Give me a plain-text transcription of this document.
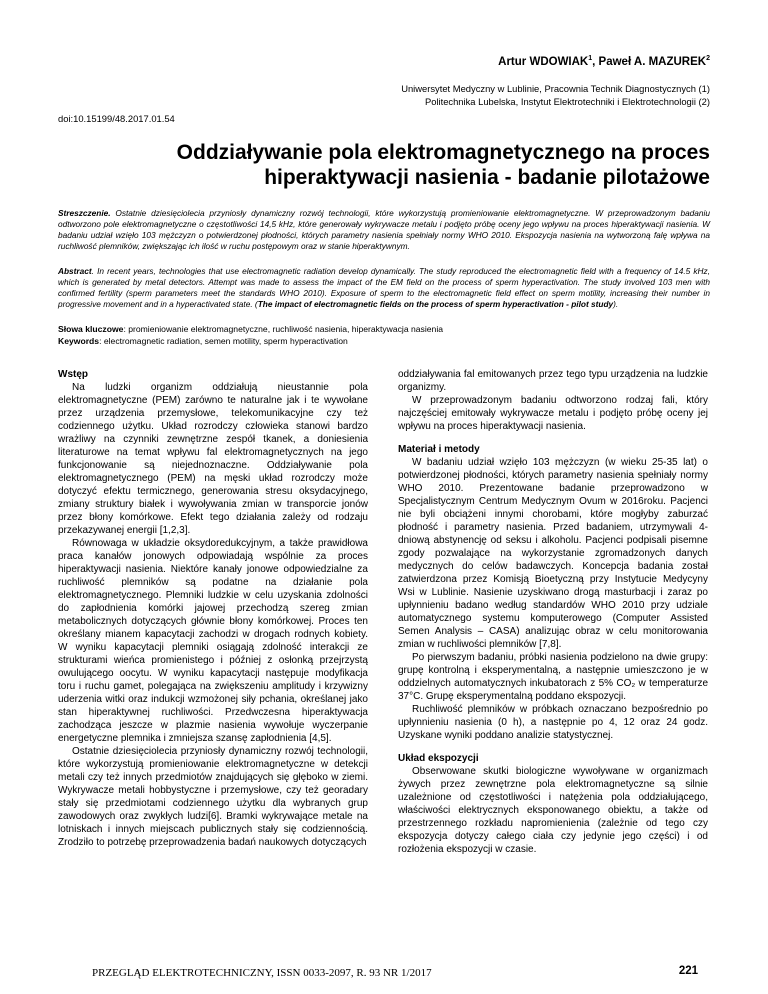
Artur WDOWIAK$^1$, Paweł A. MAZUREK$^2$
Uniwersytet Medyczny w Lublinie, Pracownia Technik Diagnostycznych (1)
Politechnika Lubelska, Instytut Elektrotechniki i Elektrotechnologii (2)
doi:10.15199/48.2017.01.54
Oddziaływanie pola elektromagnetycznego na proces
hiperaktywacji nasienia - badanie pilotażowe
Streszczenie. Ostatnie dziesięciolecia przyniosły dynamiczny rozwój technologii, które wykorzystują promieniowanie elektromagnetyczne. W przeprowadzonym badaniu odtworzono pole elektromagnetyczne o częstotliwości 14,5 kHz, które generowały wykrywacze metalu i podjęto próbę oceny jego wpływu na proces hiperaktywacji nasienia. W badaniu udział wzięło 103 mężczyzn o potwierdzonej płodności, których parametry nasienia spełniały normy WHO 2010. Ekspozycja nasienia na wytworzoną falę wpływa na ruchliwość plemników, zwiększając ich ilość w ruchu postępowym oraz w stanie hiperaktywnym.
Abstract. In recent years, technologies that use electromagnetic radiation develop dynamically. The study reproduced the electromagnetic field with a frequency of 14.5 kHz, which is generated by metal detectors. Attempt was made to assess the impact of the EM field on the process of sperm hyperactivation. The study involved 103 men with confirmed fertility (sperm parameters meet the standards WHO 2010). Exposure of sperm to the electromagnetic field effect on sperm motility, increasing their number in progressive movement and in a hyperactivated state. (The impact of electromagnetic fields on the process of sperm hyperactivation - pilot study).
Słowa kluczowe: promieniowanie elektromagnetyczne, ruchliwość nasienia, hiperaktywacja nasienia
Keywords: electromagnetic radiation, semen motility, sperm hyperactivation
Wstęp

Na ludzki organizm oddziałują nieustannie pola elektromagnetyczne (PEM) zarówno te naturalne jak i te wywołane przez urządzenia przemysłowe, telekomunikacyjne czy też codziennego użytku. Układ rozrodczy człowieka stanowi bardzo wrażliwy na czynniki zewnętrzne zespół tkanek, a doniesienia literaturowe na temat wpływu fal elektromagnetycznych na jego funkcjonowanie są niejednoznaczne. Oddziaływanie pola elektromagnetycznego (PEM) na męski układ rozrodczy może dotyczyć efektu termicznego, generowania stresu oksydacyjnego, zmiany struktury białek i wywoływania zmian w transporcie jonów przez błony komórkowe. Efekt tego działania zależy od rodzaju przekazywanej energii [1,2,3].

Równowaga w układzie oksydoredukcyjnym, a także prawidłowa praca kanałów jonowych odpowiadają wspólnie za proces hiperaktywacji nasienia. Niektóre kanały jonowe odpowiedzialne za ruchliwość plemników są podatne na działanie pola elektromagnetycznego. Plemniki ludzkie w celu uzyskania zdolności do zapłodnienia komórki jajowej przechodzą szereg zmian metabolicznych dotyczących głównie błony komórkowej. Proces ten określany mianem kapacytacji zachodzi w drogach rodnych kobiety. W wyniku kapacytacji plemniki osiągają zdolność interakcji ze strukturami wieńca promienistego i później z osłonką przejrzystą owulującego oocytu. W wyniku kapacytacji następuje modyfikacja toru i ruchu gamet, polegająca na zwiększeniu amplitudy i krzywizny uderzenia witki oraz indukcji wzmożonej siły pchania, określanej jako stan hiperaktywnej ruchliwości. Przedwczesna hiperaktywacja zachodząca jeszcze w plazmie nasienia wywołuje wyczerpanie energetyczne plemnika i zmniejsza szansę zapłodnienia [4,5].

Ostatnie dziesięciolecia przyniosły dynamiczny rozwój technologii, które wykorzystują promieniowanie elektromagnetyczne w detekcji metali czy też innych przedmiotów znajdujących się głęboko w ziemi. Wykrywacze metali hobbystyczne i przemysłowe, czy też georadary stały się przedmiotami codziennego użytku dla wybranych grup zawodowych oraz zwykłych ludzi[6]. Bramki wykrywające metale na lotniskach i innych miejscach publicznych stały się codziennością. Zrodziło to potrzebę przeprowadzenia badań naukowych dotyczących

oddziaływania fal emitowanych przez tego typu urządzenia na ludzkie organizmy.

W przeprowadzonym badaniu odtworzono rodzaj fali, który najczęściej emitowały wykrywacze metalu i podjęto próbę oceny jej wpływu na proces hiperaktywacji nasienia.

Materiał i metody

W badaniu udział wzięło 103 mężczyzn (w wieku 25-35 lat) o potwierdzonej płodności, których parametry nasienia spełniały normy WHO 2010. Prezentowane badanie przeprowadzono w Specjalistycznym Centrum Medycznym Ovum w 2016roku. Pacjenci nie byli obciążeni innymi chorobami, które mogłyby zaburzać płodność i parametry nasienia. Przed badaniem, utrzymywali 4-dniową abstynencję od seksu i alkoholu. Pacjenci podpisali pisemne zgody pozwalające na wykorzystanie zgromadzonych danych medycznych do celów badawczych. Koncepcja badania został zatwierdzona przez Komisją Bioetyczną przy Instytucie Medycyny Wsi w Lublinie. Nasienie uzyskiwano drogą masturbacji i zaraz po upłynnieniu badano według standardów WHO 2010 przy udziale automatycznego systemu komputerowego (Computer Assisted Semen Analysis – CASA) analizując obraz w celu monitorowania zmian w ruchliwości plemników [7,8].

Po pierwszym badaniu, próbki nasienia podzielono na dwie grupy: grupę kontrolną i eksperymentalną, a następnie umieszczono je w oddzielnych automatycznych inkubatorach z 5% CO₂ w temperaturze 37°C. Grupę eksperymentalną poddano ekspozycji.

Ruchliwość plemników w próbkach oznaczano bezpośrednio po upłynnieniu nasienia (0 h), a następnie po 4, 12 oraz 24 godz. Uzyskane wyniki poddano analizie statystycznej.

Układ ekspozycji

Obserwowane skutki biologiczne wywoływane w organizmach żywych przez zewnętrzne pola elektromagnetyczne są silnie uzależnione od częstotliwości i natężenia pola oddziałującego, właściwości elektrycznych eksponowanego obiektu, a także od przestrzennego rozkładu napromienienia (zależnie od tego czy ekspozycja dotyczy całego ciała czy jedynie jego części) i od rozłożenia ekspozycji w czasie.

PRZEGLĄD ELEKTROTECHNICZNY, ISSN 0033-2097, R. 93 NR 1/2017	221
